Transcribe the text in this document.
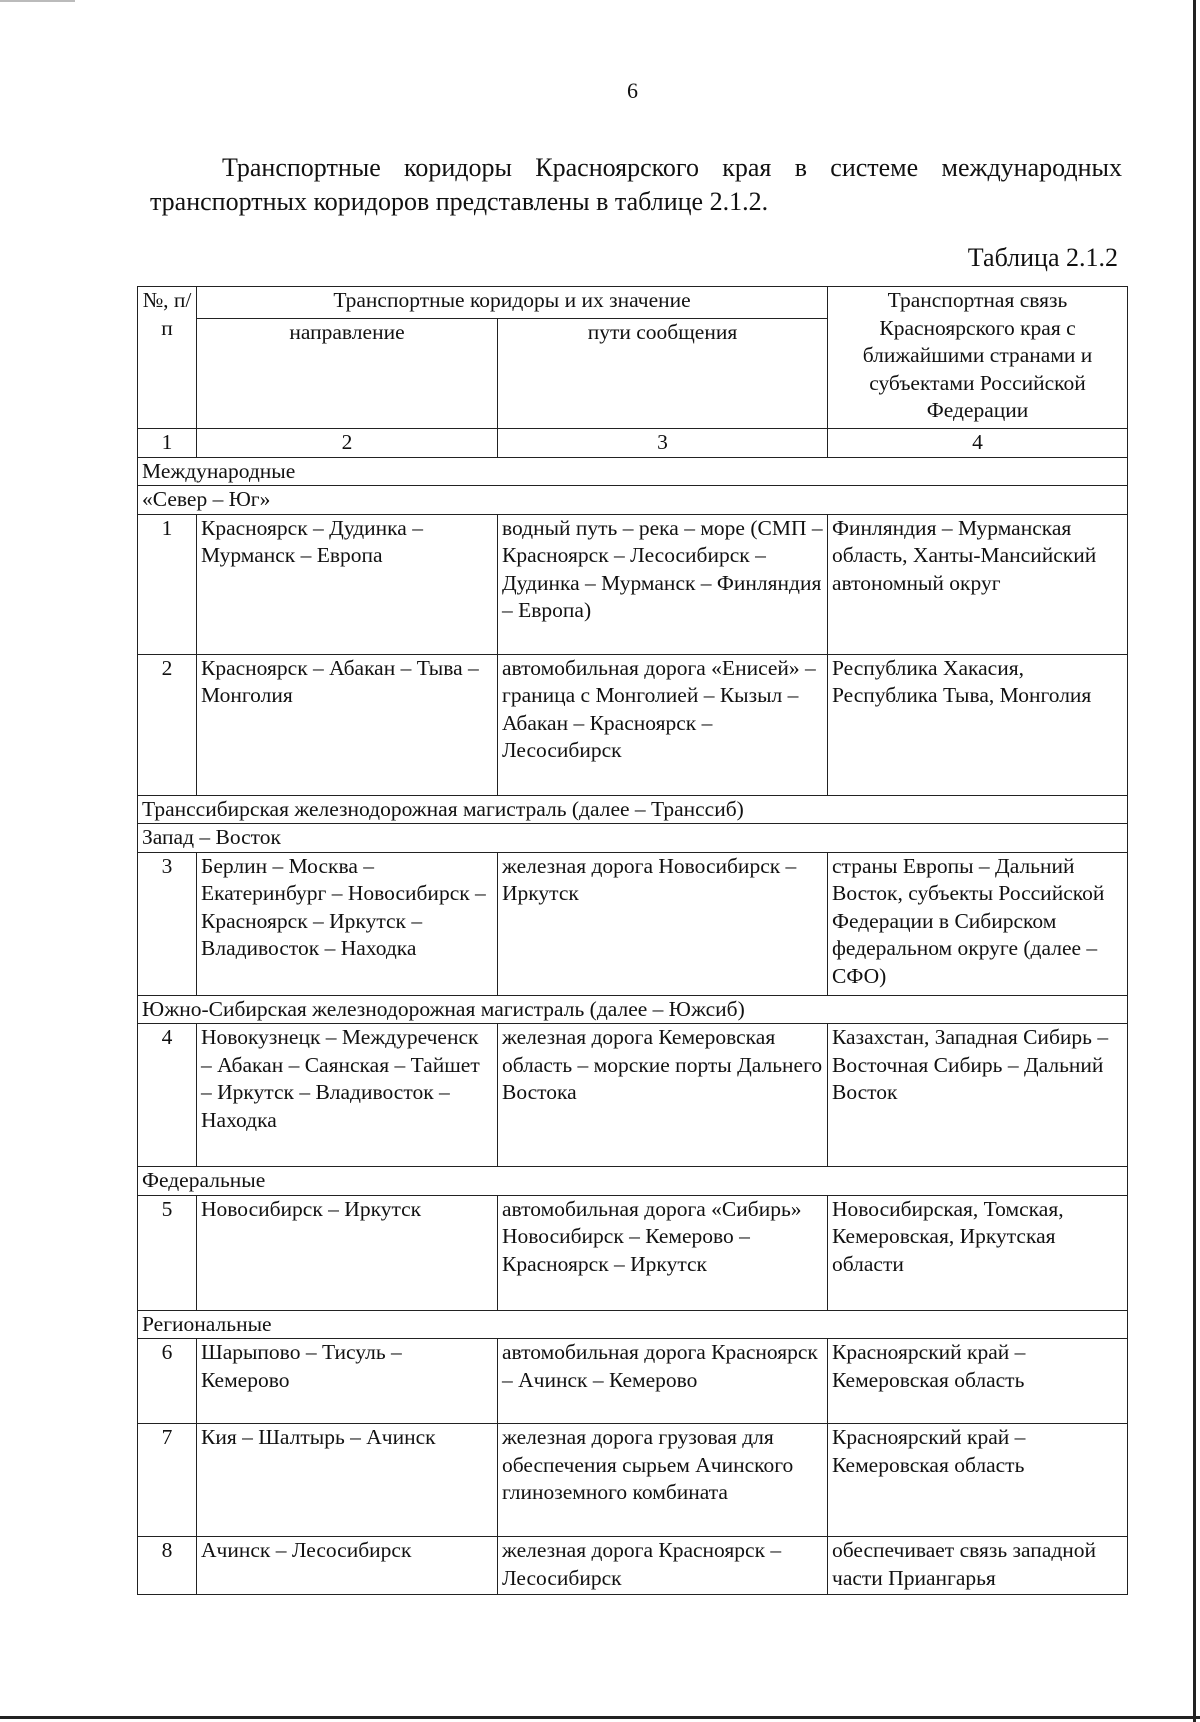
6
Транспортные коридоры Красноярского края в системе международных транспортных коридоров представлены в таблице 2.1.2.
Таблица 2.1.2
№, п/п	Транспортные коридоры и их значение		Транспортная связь Красноярского края с ближайшими странами и субъектами Российской Федерации
	направление	пути сообщения	
1	2	3	4
Международные			
«Север – Юг»			
1	Красноярск – Дудинка – Мурманск – Европа	водный путь – река – море (СМП – Красноярск – Лесосибирск – Дудинка – Мурманск – Финляндия – Европа)	Финляндия – Мурманская область, Ханты-Мансийский автономный округ
2	Красноярск – Абакан – Тыва – Монголия	автомобильная дорога «Енисей» – граница с Монголией – Кызыл – Абакан – Красноярск – Лесосибирск	Республика Хакасия, Республика Тыва, Монголия
Транссибирская железнодорожная магистраль (далее – Транссиб)			
Запад – Восток			
3	Берлин – Москва – Екатеринбург – Новосибирск – Красноярск – Иркутск – Владивосток – Находка	железная дорога Новосибирск – Иркутск	страны Европы – Дальний Восток, субъекты Российской Федерации в Сибирском федеральном округе (далее – СФО)
Южно-Сибирская железнодорожная магистраль (далее – Южсиб)			
4	Новокузнецк – Междуреченск – Абакан – Саянская – Тайшет – Иркутск – Владивосток – Находка	железная дорога Кемеровская область – морские порты Дальнего Востока	Казахстан, Западная Сибирь – Восточная Сибирь – Дальний Восток
Федеральные			
5	Новосибирск – Иркутск	автомобильная дорога «Сибирь» Новосибирск – Кемерово – Красноярск – Иркутск	Новосибирская, Томская, Кемеровская, Иркутская области
Региональные			
6	Шарыпово – Тисуль – Кемерово	автомобильная дорога Красноярск – Ачинск – Кемерово	Красноярский край – Кемеровская область
7	Кия – Шалтырь – Ачинск	железная дорога грузовая для обеспечения сырьем Ачинского глиноземного комбината	Красноярский край – Кемеровская область
8	Ачинск – Лесосибирск	железная дорога Красноярск – Лесосибирск	обеспечивает связь западной части Приангарья
